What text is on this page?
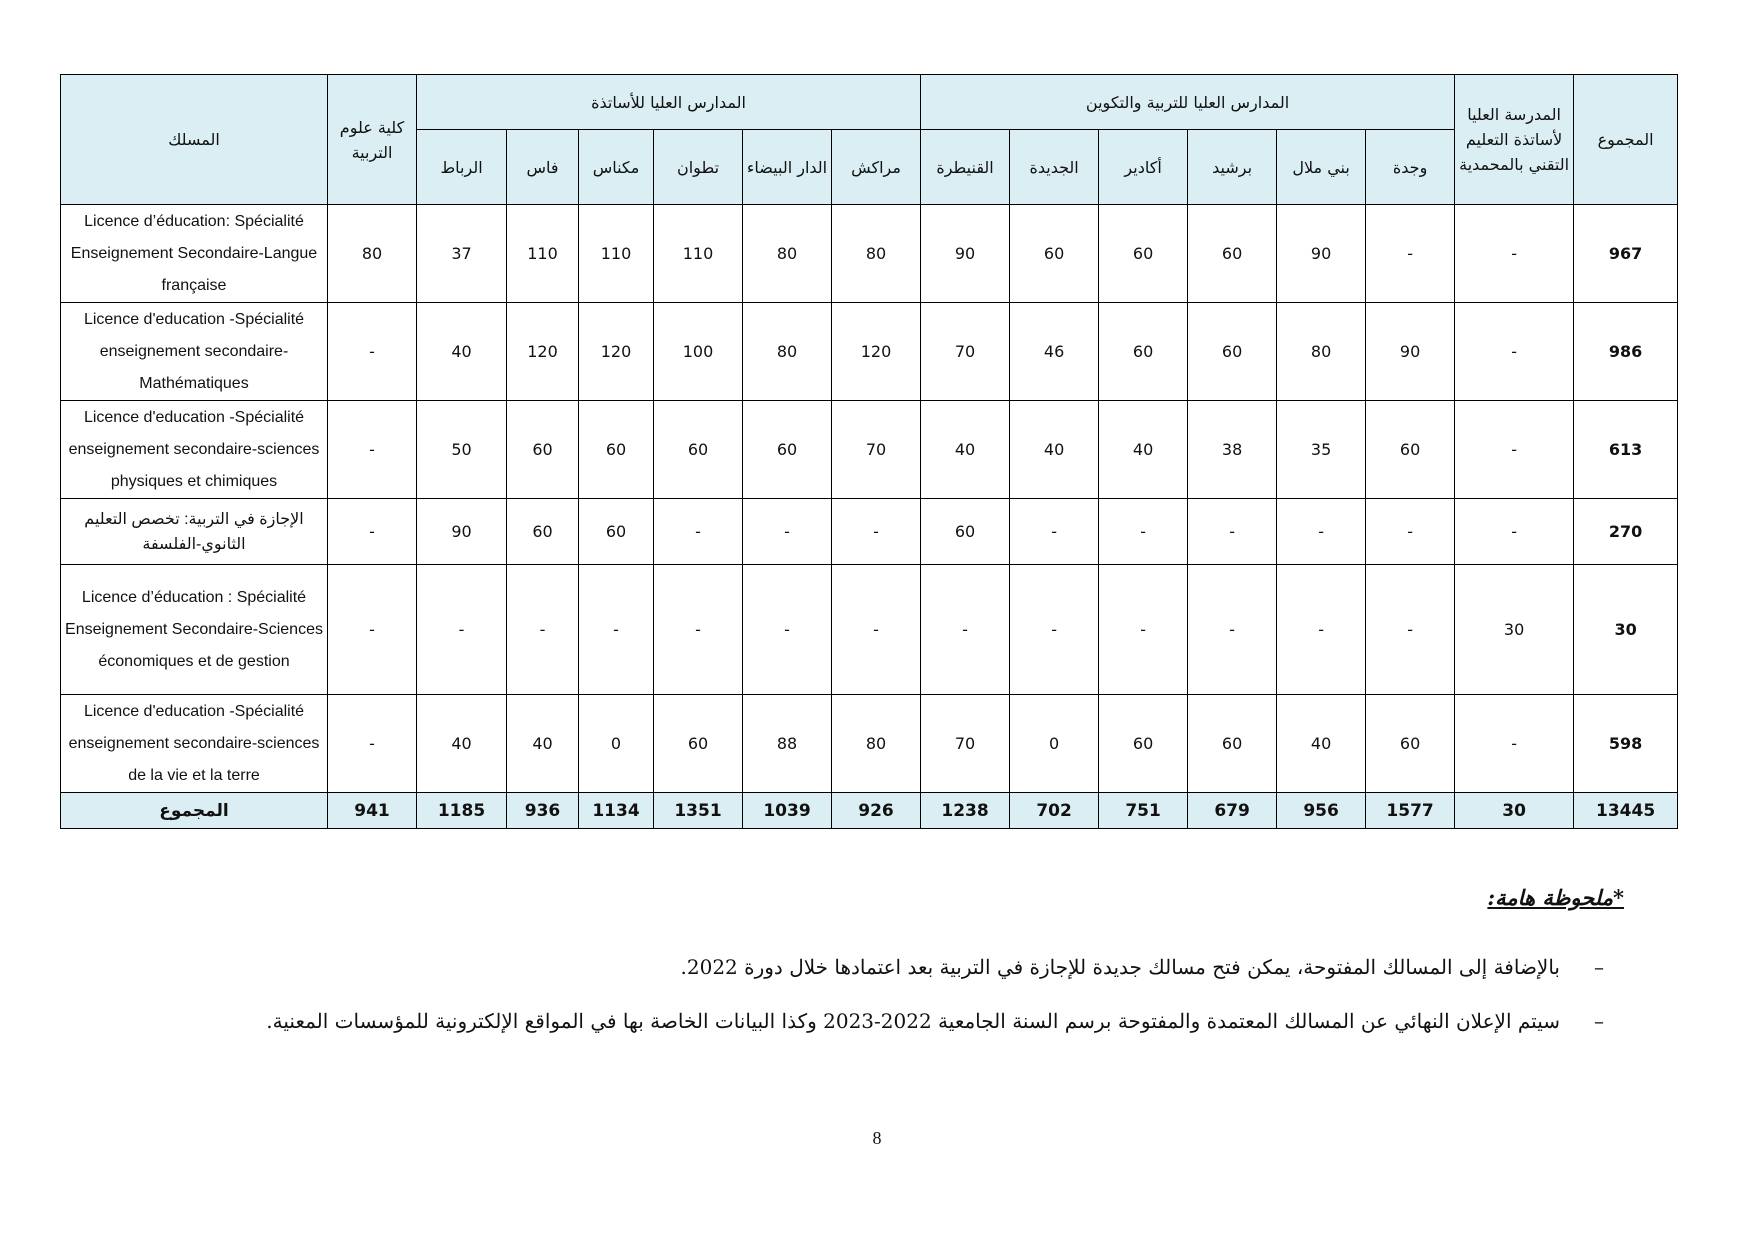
المجموع	المدرسة العليا لأساتذة التعليم التقني بالمحمدية	المدارس العليا للتربية والتكوين						المدارس العليا للأساتذة						كلية علوم التربية	المسلك
		وجدة	بني ملال	برشيد	أكادير	الجديدة	القنيطرة	مراكش	الدار البيضاء	تطوان	مكناس	فاس	الرباط		
967	-	-	90	60	60	60	90	80	80	110	110	110	37	80	Licence d’éducation: Spécialité Enseignement Secondaire-Langue française
986	-	90	80	60	60	46	70	120	80	100	120	120	40	-	Licence d'education -Spécialité enseignement secondaire-Mathématiques
613	-	60	35	38	40	40	40	70	60	60	60	60	50	-	Licence d'education -Spécialité enseignement secondaire-sciences physiques et chimiques
270	-	-	-	-	-	-	60	-	-	-	60	60	90	-	الإجازة في التربية: تخصص التعليم الثانوي-الفلسفة
30	30	-	-	-	-	-	-	-	-	-	-	-	-	-	Licence d’éducation : Spécialité Enseignement Secondaire-Sciences économiques et de gestion
598	-	60	40	60	60	0	70	80	88	60	0	40	40	-	Licence d'education -Spécialité enseignement secondaire-sciences de la vie et la terre
13445	30	1577	956	679	751	702	1238	926	1039	1351	1134	936	1185	941	المجموع
*ملحوظة هامة:
–
بالإضافة إلى المسالك المفتوحة، يمكن فتح مسالك جديدة للإجازة في التربية بعد اعتمادها خلال دورة 2022.
–
سيتم الإعلان النهائي عن المسالك المعتمدة والمفتوحة برسم السنة الجامعية 2022-2023 وكذا البيانات الخاصة بها في المواقع الإلكترونية للمؤسسات المعنية.
8
